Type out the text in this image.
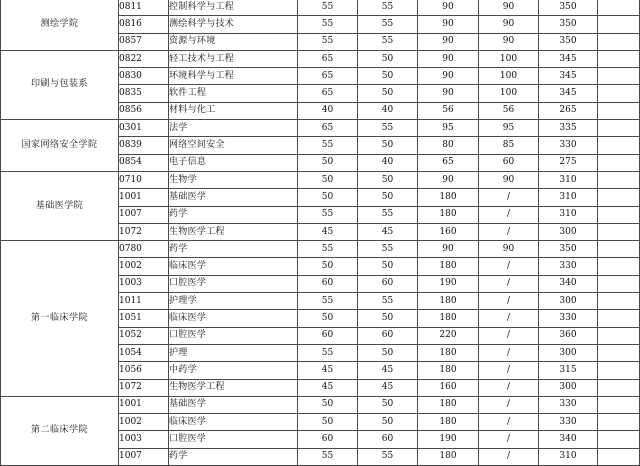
测绘学院	0811	控制科学与工程	55	55	90	90	350	
	0816	测绘科学与技术	55	55	90	90	350	
	0857	资源与环境	55	55	90	90	350	
印刷与包装系	0822	轻工技术与工程	65	50	90	100	345	
	0830	环境科学与工程	65	50	90	100	345	
	0835	软件工程	65	50	90	100	345	
	0856	材料与化工	40	40	56	56	265	
国家网络安全学院	0301	法学	65	55	95	95	335	
	0839	网络空间安全	55	50	80	85	330	
	0854	电子信息	50	40	65	60	275	
基础医学院	0710	生物学	50	50	90	90	310	
	1001	基础医学	50	50	180	/	310	
	1007	药学	55	55	180	/	310	
	1072	生物医学工程	45	45	160	/	300	
第一临床学院	0780	药学	55	55	90	90	350	
	1002	临床医学	50	50	180	/	330	
	1003	口腔医学	60	60	190	/	340	
	1011	护理学	55	55	180	/	300	
	1051	临床医学	50	50	180	/	330	
	1052	口腔医学	60	60	220	/	360	
	1054	护理	55	50	180	/	300	
	1056	中药学	45	45	180	/	315	
	1072	生物医学工程	45	45	160	/	300	
第二临床学院	1001	基础医学	50	50	180	/	330	
	1002	临床医学	50	50	180	/	330	
	1003	口腔医学	60	60	190	/	340	
	1007	药学	55	55	180	/	310	
